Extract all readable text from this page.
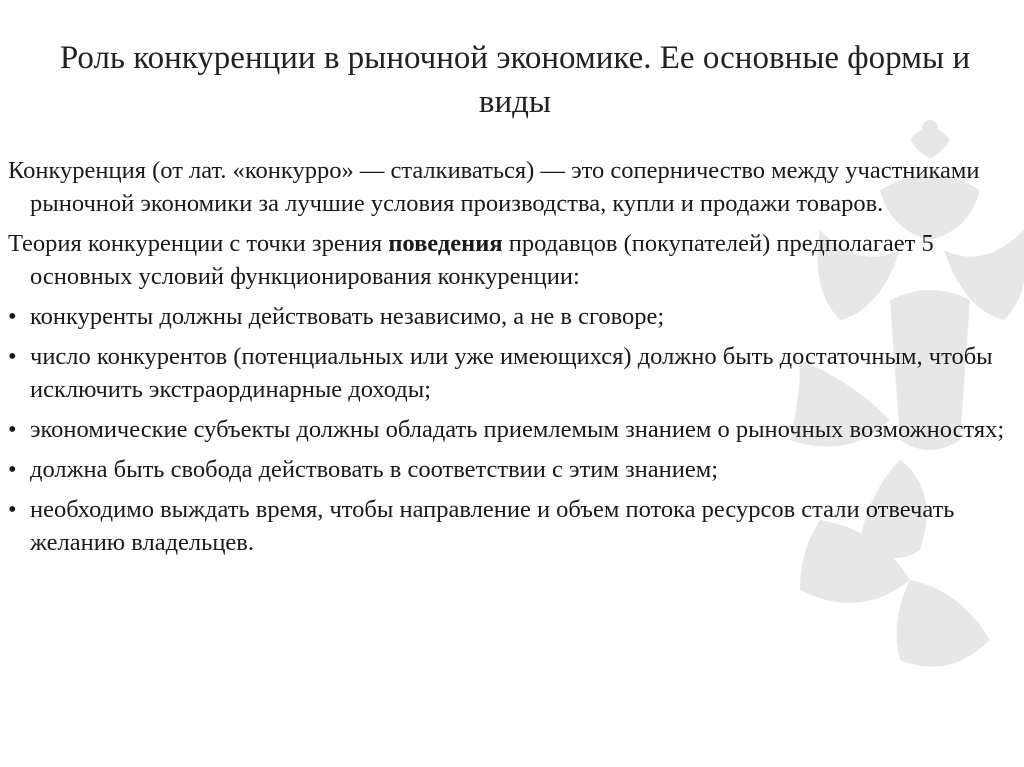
Роль конкуренции в рыночной экономике. Ее основные формы и виды

Конкуренция (от лат. «конкурро» — сталкиваться) — это соперничество между участниками рыночной экономики за лучшие условия производства, купли и продажи товаров.

Теория конкуренции с точки зрения поведения продавцов (покупателей) предполагает 5 основных условий функционирования конкуренции:

• конкуренты должны действовать независимо, а не в сговоре;

• число конкурентов (потенциальных или уже имеющихся) должно быть достаточным, чтобы исключить экстраординарные доходы;

• экономические субъекты должны обладать приемлемым знанием о рыночных возможностях;

• должна быть свобода действовать в соответствии с этим знанием;

• необходимо выждать время, чтобы направление и объем потока ресурсов стали отвечать желанию владельцев.
